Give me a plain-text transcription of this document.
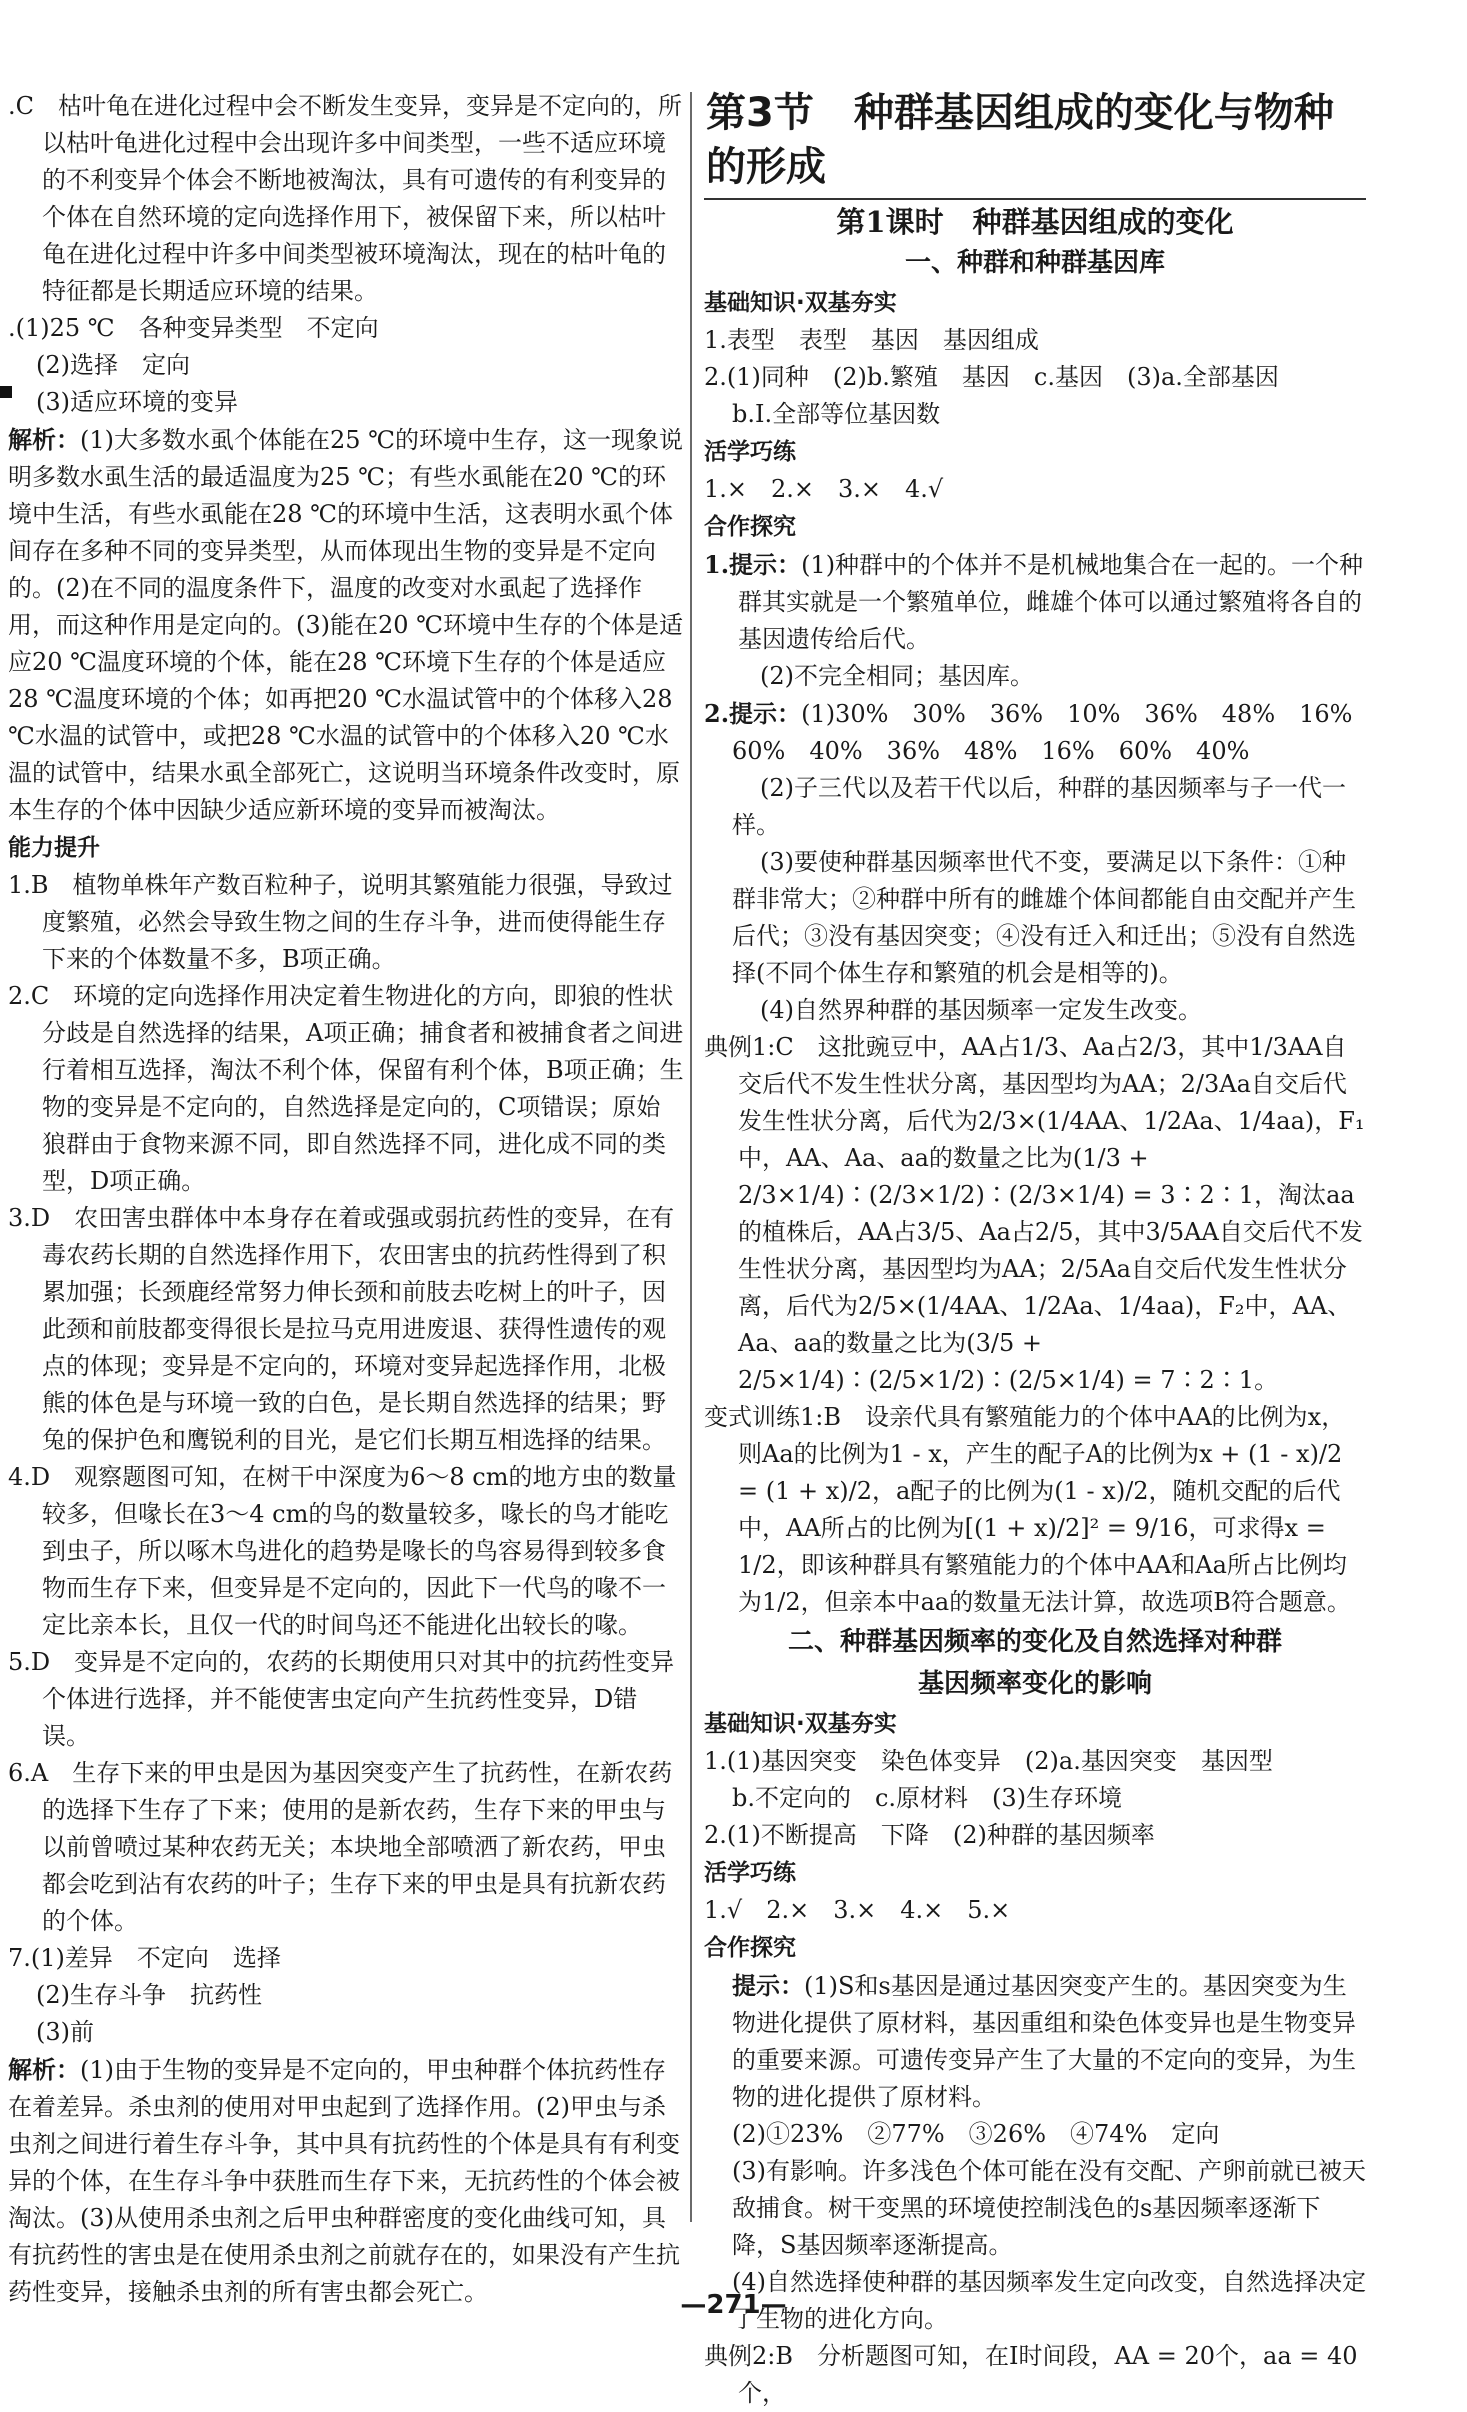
.C　枯叶龟在进化过程中会不断发生变异，变异是不定向的，所以枯叶龟进化过程中会出现许多中间类型，一些不适应环境的不利变异个体会不断地被淘汰，具有可遗传的有利变异的个体在自然环境的定向选择作用下，被保留下来，所以枯叶龟在进化过程中许多中间类型被环境淘汰，现在的枯叶龟的特征都是长期适应环境的结果。

.(1)25 ℃　各种变异类型　不定向

(2)选择　定向

(3)适应环境的变异

解析：(1)大多数水虱个体能在25 ℃的环境中生存，这一现象说明多数水虱生活的最适温度为25 ℃；有些水虱能在20 ℃的环境中生活，有些水虱能在28 ℃的环境中生活，这表明水虱个体间存在多种不同的变异类型，从而体现出生物的变异是不定向的。(2)在不同的温度条件下，温度的改变对水虱起了选择作用，而这种作用是定向的。(3)能在20 ℃环境中生存的个体是适应20 ℃温度环境的个体，能在28 ℃环境下生存的个体是适应28 ℃温度环境的个体；如再把20 ℃水温试管中的个体移入28 ℃水温的试管中，或把28 ℃水温的试管中的个体移入20 ℃水温的试管中，结果水虱全部死亡，这说明当环境条件改变时，原本生存的个体中因缺少适应新环境的变异而被淘汰。

能力提升

1.B　植物单株年产数百粒种子，说明其繁殖能力很强，导致过度繁殖，必然会导致生物之间的生存斗争，进而使得能生存下来的个体数量不多，B项正确。

2.C　环境的定向选择作用决定着生物进化的方向，即狼的性状分歧是自然选择的结果，A项正确；捕食者和被捕食者之间进行着相互选择，淘汰不利个体，保留有利个体，B项正确；生物的变异是不定向的，自然选择是定向的，C项错误；原始狼群由于食物来源不同，即自然选择不同，进化成不同的类型，D项正确。

3.D　农田害虫群体中本身存在着或强或弱抗药性的变异，在有毒农药长期的自然选择作用下，农田害虫的抗药性得到了积累加强；长颈鹿经常努力伸长颈和前肢去吃树上的叶子，因此颈和前肢都变得很长是拉马克用进废退、获得性遗传的观点的体现；变异是不定向的，环境对变异起选择作用，北极熊的体色是与环境一致的白色，是长期自然选择的结果；野兔的保护色和鹰锐利的目光，是它们长期互相选择的结果。

4.D　观察题图可知，在树干中深度为6～8 cm的地方虫的数量较多，但喙长在3～4 cm的鸟的数量较多，喙长的鸟才能吃到虫子，所以啄木鸟进化的趋势是喙长的鸟容易得到较多食物而生存下来，但变异是不定向的，因此下一代鸟的喙不一定比亲本长，且仅一代的时间鸟还不能进化出较长的喙。

5.D　变异是不定向的，农药的长期使用只对其中的抗药性变异个体进行选择，并不能使害虫定向产生抗药性变异，D错误。

6.A　生存下来的甲虫是因为基因突变产生了抗药性，在新农药的选择下生存了下来；使用的是新农药，生存下来的甲虫与以前曾喷过某种农药无关；本块地全部喷洒了新农药，甲虫都会吃到沾有农药的叶子；生存下来的甲虫是具有抗新农药的个体。

7.(1)差异　不定向　选择

(2)生存斗争　抗药性

(3)前

解析：(1)由于生物的变异是不定向的，甲虫种群个体抗药性存在着差异。杀虫剂的使用对甲虫起到了选择作用。(2)甲虫与杀虫剂之间进行着生存斗争，其中具有抗药性的个体是具有有利变异的个体，在生存斗争中获胜而生存下来，无抗药性的个体会被淘汰。(3)从使用杀虫剂之后甲虫种群密度的变化曲线可知，具有抗药性的害虫是在使用杀虫剂之前就存在的，如果没有产生抗药性变异，接触杀虫剂的所有害虫都会死亡。

第3节　种群基因组成的变化与物种的形成

第1课时　种群基因组成的变化

一、种群和种群基因库

基础知识·双基夯实

1.表型　表型　基因　基因组成

2.(1)同种　(2)b.繁殖　基因　c.基因　(3)a.全部基因

b.Ⅰ.全部等位基因数

活学巧练

1.×　2.×　3.×　4.√

合作探究

1.提示：(1)种群中的个体并不是机械地集合在一起的。一个种群其实就是一个繁殖单位，雌雄个体可以通过繁殖将各自的基因遗传给后代。

(2)不完全相同；基因库。

2.提示：(1)30%　30%　36%　10%　36%　48%　16%

60%　40%　36%　48%　16%　60%　40%

(2)子三代以及若干代以后，种群的基因频率与子一代一样。

(3)要使种群基因频率世代不变，要满足以下条件：①种群非常大；②种群中所有的雌雄个体间都能自由交配并产生后代；③没有基因突变；④没有迁入和迁出；⑤没有自然选择(不同个体生存和繁殖的机会是相等的)。

(4)自然界种群的基因频率一定发生改变。

典例1:C　这批豌豆中，AA占1/3、Aa占2/3，其中1/3AA自交后代不发生性状分离，基因型均为AA；2/3Aa自交后代发生性状分离，后代为2/3×(1/4AA、1/2Aa、1/4aa)，F₁中，AA、Aa、aa的数量之比为(1/3 + 2/3×1/4)∶(2/3×1/2)∶(2/3×1/4) = 3∶2∶1，淘汰aa的植株后，AA占3/5、Aa占2/5，其中3/5AA自交后代不发生性状分离，基因型均为AA；2/5Aa自交后代发生性状分离，后代为2/5×(1/4AA、1/2Aa、1/4aa)，F₂中，AA、Aa、aa的数量之比为(3/5 + 2/5×1/4)∶(2/5×1/2)∶(2/5×1/4) = 7∶2∶1。

变式训练1:B　设亲代具有繁殖能力的个体中AA的比例为x，则Aa的比例为1 - x，产生的配子A的比例为x + (1 - x)/2 = (1 + x)/2，a配子的比例为(1 - x)/2，随机交配的后代中，AA所占的比例为[(1 + x)/2]² = 9/16，可求得x = 1/2，即该种群具有繁殖能力的个体中AA和Aa所占比例均为1/2，但亲本中aa的数量无法计算，故选项B符合题意。

二、种群基因频率的变化及自然选择对种群

基因频率变化的影响

基础知识·双基夯实

1.(1)基因突变　染色体变异　(2)a.基因突变　基因型

b.不定向的　c.原材料　(3)生存环境

2.(1)不断提高　下降　(2)种群的基因频率

活学巧练

1.√　2.×　3.×　4.×　5.×

合作探究

提示：(1)S和s基因是通过基因突变产生的。基因突变为生物进化提供了原材料，基因重组和染色体变异也是生物变异的重要来源。可遗传变异产生了大量的不定向的变异，为生物的进化提供了原材料。

(2)①23%　②77%　③26%　④74%　定向

(3)有影响。许多浅色个体可能在没有交配、产卵前就已被天敌捕食。树干变黑的环境使控制浅色的s基因频率逐渐下降，S基因频率逐渐提高。

(4)自然选择使种群的基因频率发生定向改变，自然选择决定了生物的进化方向。

典例2:B　分析题图可知，在Ⅰ时间段，AA = 20个，aa = 40个，

—271—
